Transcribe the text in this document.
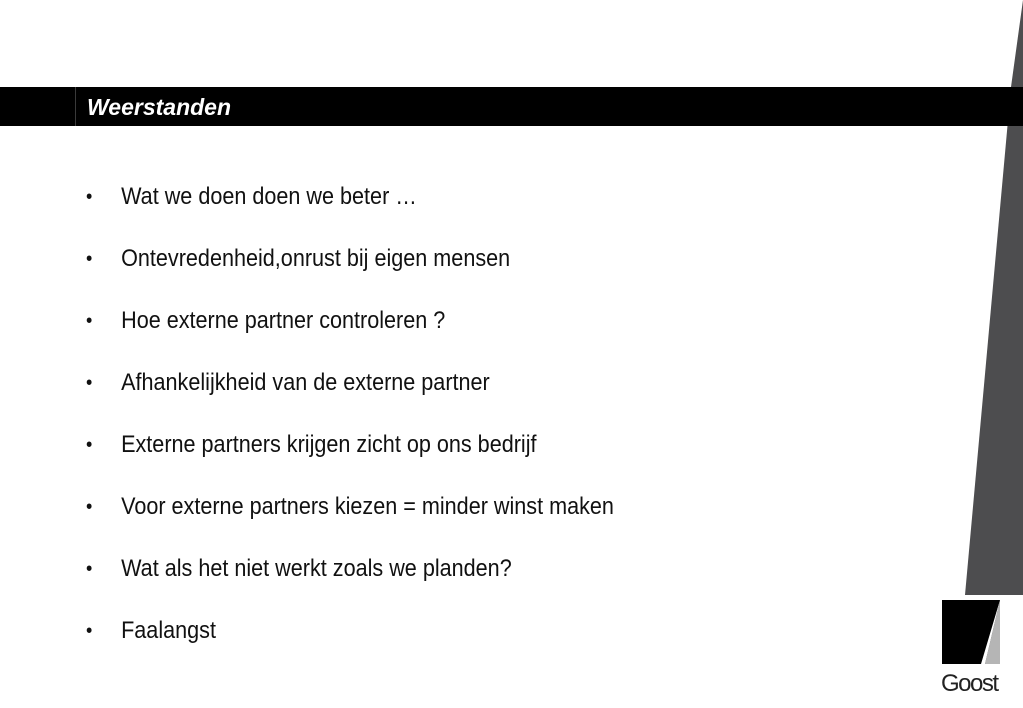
Weerstanden
•	Wat we doen doen we beter …
•	Ontevredenheid,onrust bij eigen mensen
•	Hoe externe partner controleren ?
•	Afhankelijkheid van de externe partner
•	Externe partners krijgen zicht op ons bedrijf
•	Voor externe partners kiezen = minder winst maken
•	Wat als het niet werkt zoals we planden?
•	Faalangst
Goost
